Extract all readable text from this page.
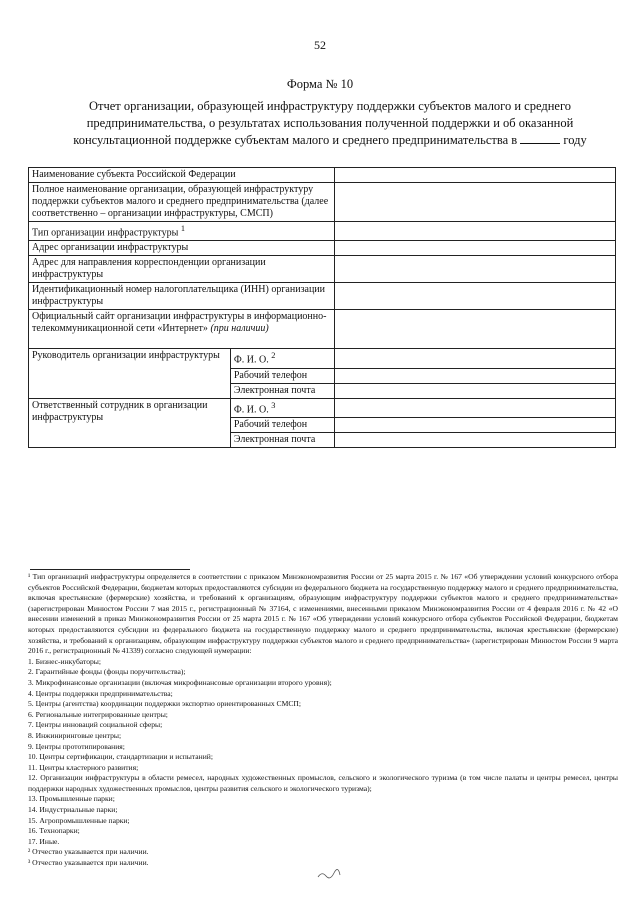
52
Форма № 10
Отчет организации, образующей инфраструктуру поддержки субъектов малого и среднего предпринимательства, о результатах использования полученной поддержки и об оказанной консультационной поддержке субъектам малого и среднего предпринимательства в	году
Наименование субъекта Российской Федерации		
Полное наименование организации, образующей инфраструктуру поддержки субъектов малого и среднего предпринимательства (далее соответственно – организации инфраструктуры, СМСП)		
Тип организации инфраструктуры $^1$	
Адрес организации инфраструктуры		
Адрес для направления корреспонденции организации инфраструктуры		
Идентификационный номер налогоплательщика (ИНН) организации инфраструктуры		
Официальный сайт организации инфраструктуры в информационно-телекоммуникационной сети «Интернет» (при наличии)		
Руководитель организации инфраструктуры	Ф. И. О. $^2$	
	Рабочий телефон	
	Электронная почта	
Ответственный сотрудник в организации инфраструктуры	Ф. И. О. $^3$	
	Рабочий телефон	
	Электронная почта	

¹ Тип организаций инфраструктуры определяется в соответствии с приказом Минэкономразвития России от 25 марта 2015 г. № 167 «Об утверждении условий конкурсного отбора субъектов Российской Федерации, бюджетам которых предоставляются субсидии из федерального бюджета на государственную поддержку малого и среднего предпринимательства, включая крестьянские (фермерские) хозяйства, и требований к организациям, образующим инфраструктуру поддержки субъектов малого и среднего предпринимательства» (зарегистрирован Минюстом России 7 мая 2015 г., регистрационный № 37164, с изменениями, внесенными приказом Минэкономразвития России от 4 февраля 2016 г. № 42 «О внесении изменений в приказ Минэкономразвития России от 25 марта 2015 г. № 167 «Об утверждении условий конкурсного отбора субъектов Российской Федерации, бюджетам которых предоставляются субсидии из федерального бюджета на государственную поддержку малого и среднего предпринимательства, включая крестьянские (фермерские) хозяйства, и требований к организациям, образующим инфраструктуру поддержки субъектов малого и среднего предпринимательства» (зарегистрирован Минюстом России 9 марта 2016 г., регистрационный № 41339) согласно следующей нумерации:

1. Бизнес-инкубаторы;
2. Гарантийные фонды (фонды поручительства);
3. Микрофинансовые организации (включая микрофинансовые организации второго уровня);
4. Центры поддержки предпринимательства;
5. Центры (агентства) координации поддержки экспортно ориентированных СМСП;
6. Региональные интегрированные центры;
7. Центры инноваций социальной сферы;
8. Инжиниринговые центры;
9. Центры прототипирования;
10. Центры сертификации, стандартизации и испытаний;
11. Центры кластерного развития;
12. Организации инфраструктуры в области ремесел, народных художественных промыслов, сельского и экологического туризма (в том числе палаты и центры ремесел, центры поддержки народных художественных промыслов, центры развития сельского и экологического туризма);
13. Промышленные парки;
14. Индустриальные парки;
15. Агропромышленные парки;
16. Технопарки;
17. Иные.

² Отчество указывается при наличии.

³ Отчество указывается при наличии.
